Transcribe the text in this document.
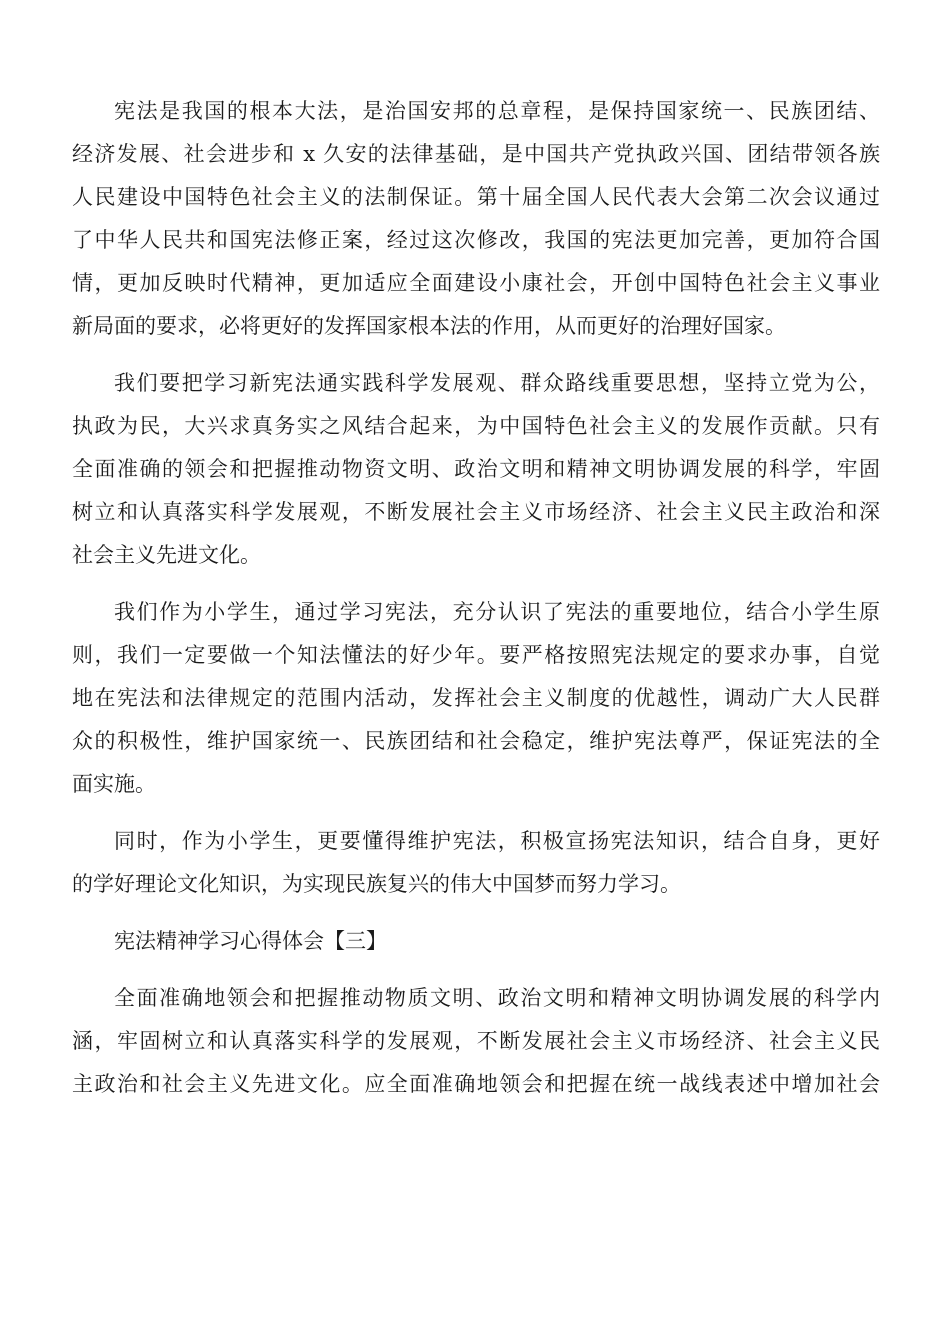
宪法是我国的根本大法，是治国安邦的总章程，是保持国家统一、民族团结、
经济发展、社会进步和 x 久安的法律基础，是中国共产党执政兴国、团结带领各族
人民建设中国特色社会主义的法制保证。第十届全国人民代表大会第二次会议通过
了中华人民共和国宪法修正案，经过这次修改，我国的宪法更加完善，更加符合国
情，更加反映时代精神，更加适应全面建设小康社会，开创中国特色社会主义事业
新局面的要求，必将更好的发挥国家根本法的作用，从而更好的治理好国家。
我们要把学习新宪法通实践科学发展观、群众路线重要思想，坚持立党为公，
执政为民，大兴求真务实之风结合起来，为中国特色社会主义的发展作贡献。只有
全面准确的领会和把握推动物资文明、政治文明和精神文明协调发展的科学，牢固
树立和认真落实科学发展观，不断发展社会主义市场经济、社会主义民主政治和深
社会主义先进文化。
我们作为小学生，通过学习宪法，充分认识了宪法的重要地位，结合小学生原
则，我们一定要做一个知法懂法的好少年。要严格按照宪法规定的要求办事，自觉
地在宪法和法律规定的范围内活动，发挥社会主义制度的优越性，调动广大人民群
众的积极性，维护国家统一、民族团结和社会稳定，维护宪法尊严，保证宪法的全
面实施。
同时，作为小学生，更要懂得维护宪法，积极宣扬宪法知识，结合自身，更好
的学好理论文化知识，为实现民族复兴的伟大中国梦而努力学习。
宪法精神学习心得体会【三】
全面准确地领会和把握推动物质文明、政治文明和精神文明协调发展的科学内
涵，牢固树立和认真落实科学的发展观，不断发展社会主义市场经济、社会主义民
主政治和社会主义先进文化。应全面准确地领会和把握在统一战线表述中增加社会
